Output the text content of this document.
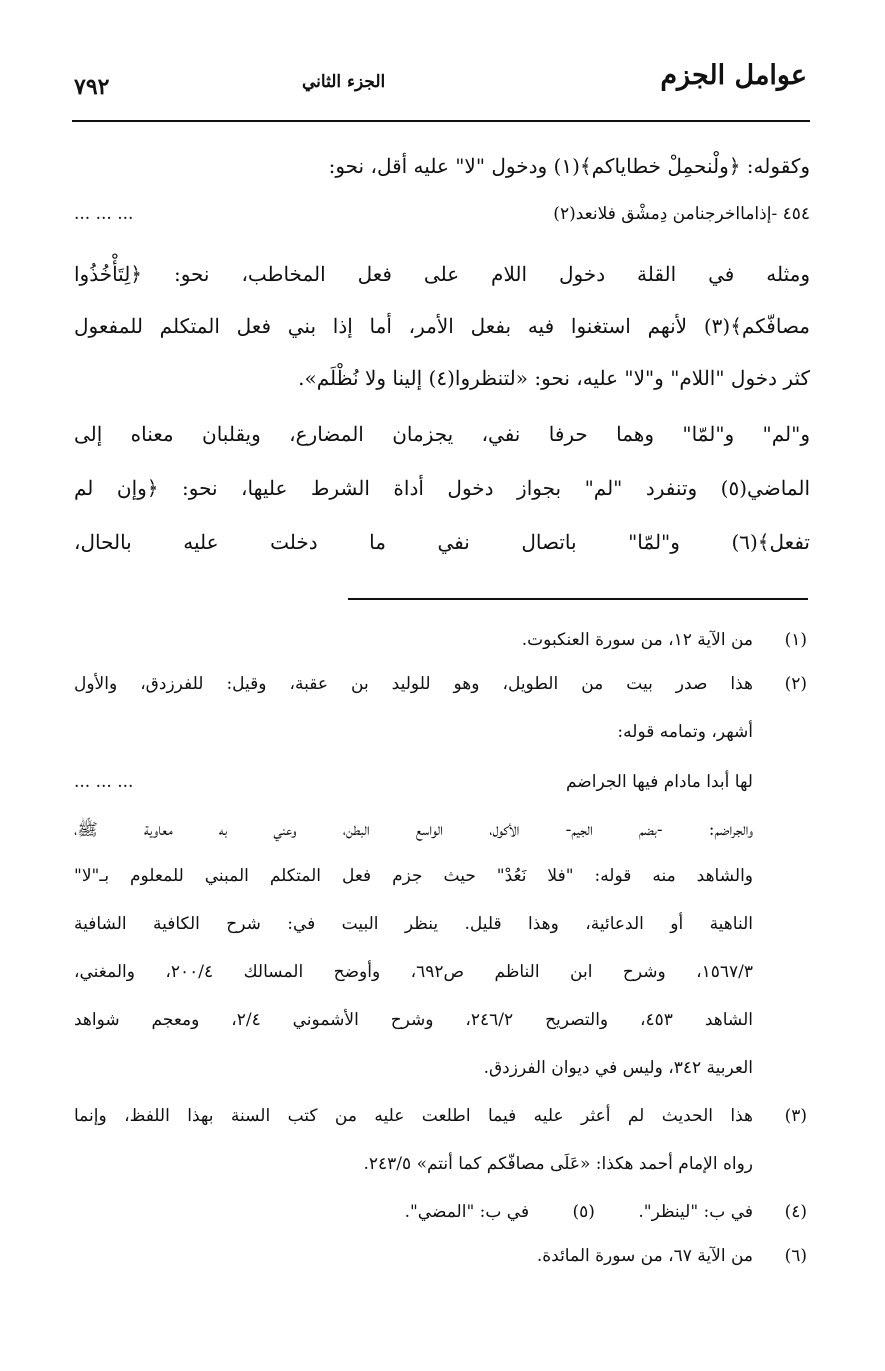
عوامل الجزم
الجزء الثاني
٧٩٢
وكقوله: ﴿ولْنحمِلْ خطاياكم﴾(١) ودخول "لا" عليه أقل، نحو:
٤٥٤ -إذامااخرجنامن دِمشْق فلانعد(٢)
... ... ...
ومثله في القلة دخول اللام على فعل المخاطب، نحو: ﴿لِتَأْخُذُوا
مصافّكم﴾(٣) لأنهم استغنوا فيه بفعل الأمر، أما إذا بني فعل المتكلم للمفعول
كثر دخول "اللام" و"لا" عليه، نحو: «لتنظروا(٤) إلينا ولا نُظْلَم».
و"لم" و"لمّا" وهما حرفا نفي، يجزمان المضارع، ويقلبان معناه إلى
الماضي(٥) وتنفرد "لم" بجواز دخول أداة الشرط عليها، نحو: ﴿وإن لم
تفعل﴾(٦) و"لمّا" باتصال نفي ما دخلت عليه بالحال،
(١)
من الآية ١٢، من سورة العنكبوت.
(٢)
هذا صدر بيت من الطويل، وهو للوليد بن عقبة، وقيل: للفرزدق، والأول
أشهر، وتمامه قوله:
لها أبدا مادام فيها الجراضم
... ... ...
والجراضم: -بضم الجيم- الأكول، الواسع البطن، وعني به معاوية ﷺ،
والشاهد منه قوله: "فلا نَعُدْ" حيث جزم فعل المتكلم المبني للمعلوم بـ"لا"
الناهية أو الدعائية، وهذا قليل. ينظر البيت في: شرح الكافية الشافية
١٥٦٧/٣، وشرح ابن الناظم ص٦٩٢، وأوضح المسالك ٢٠٠/٤، والمغني،
الشاهد ٤٥٣، والتصريح ٢٤٦/٢، وشرح الأشموني ٢/٤، ومعجم شواهد
العربية ٣٤٢، وليس في ديوان الفرزدق.
(٣)
هذا الحديث لم أعثر عليه فيما اطلعت عليه من كتب السنة بهذا اللفظ، وإنما
رواه الإمام أحمد هكذا: «عَلَى مصافّكم كما أنتم» ٢٤٣/٥.
(٤)
في ب: "لينظر". (٥) في ب: "المضي".
(٦)
من الآية ٦٧، من سورة المائدة.
